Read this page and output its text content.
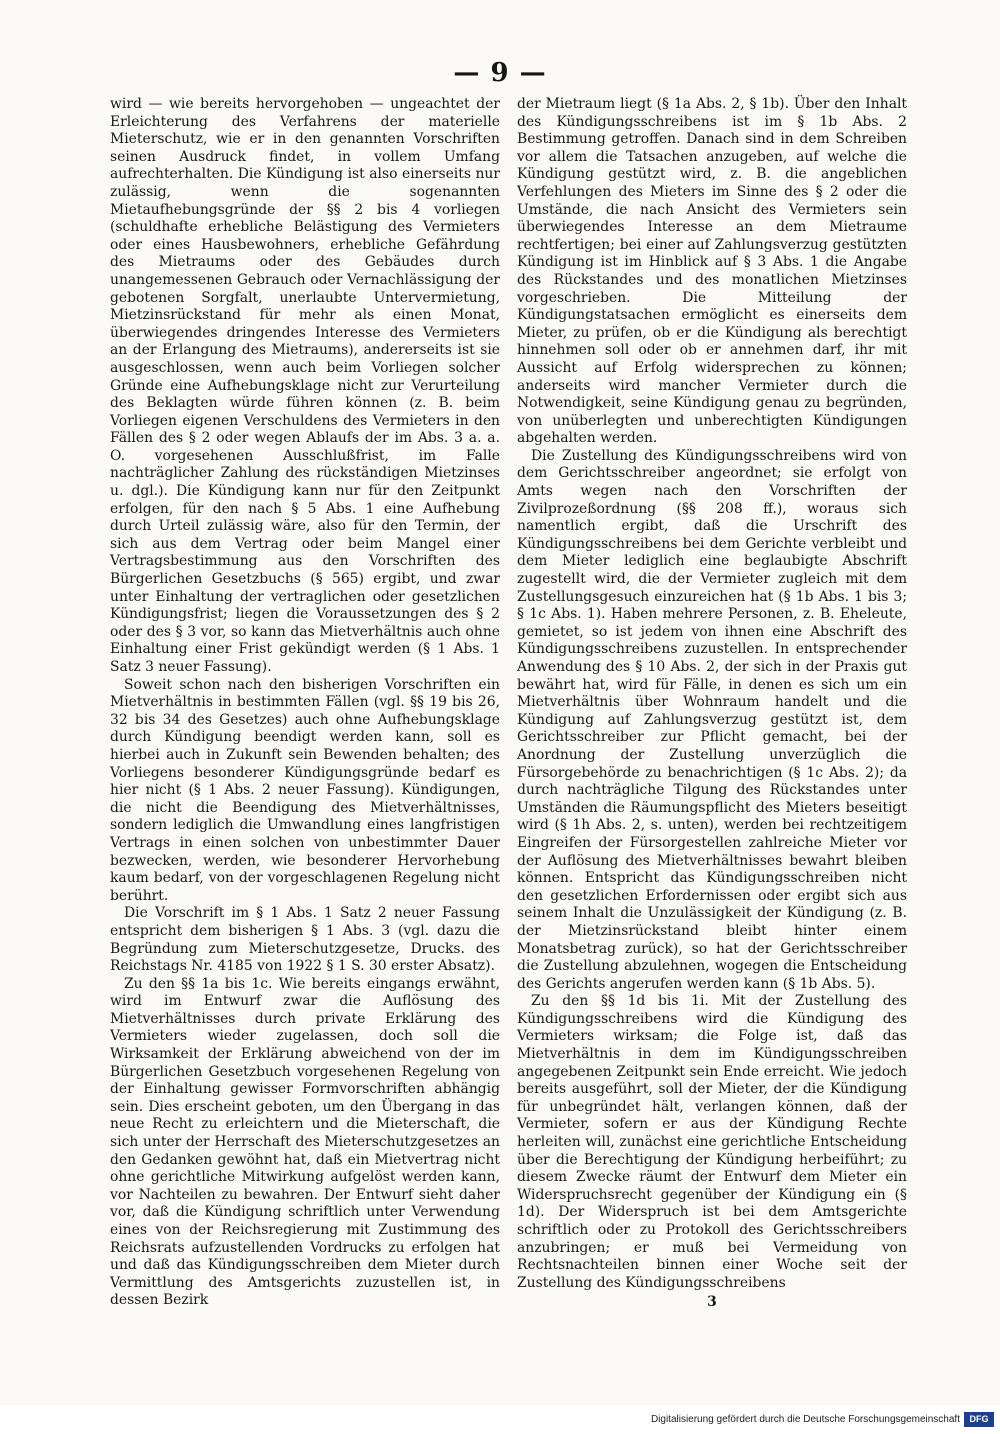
— 9 —

wird — wie bereits hervorgehoben — ungeachtet der Erleichterung des Verfahrens der materielle Mieterschutz, wie er in den genannten Vorschriften seinen Ausdruck findet, in vollem Umfang aufrechterhalten. Die Kündigung ist also einerseits nur zulässig, wenn die sogenannten Mietaufhebungsgründe der §§ 2 bis 4 vorliegen (schuldhafte erhebliche Belästigung des Vermieters oder eines Hausbewohners, erhebliche Gefährdung des Mietraums oder des Gebäudes durch unangemessenen Gebrauch oder Vernachlässigung der gebotenen Sorgfalt, unerlaubte Untervermietung, Mietzinsrückstand für mehr als einen Monat, überwiegendes dringendes Interesse des Vermieters an der Erlangung des Mietraums), andererseits ist sie ausgeschlossen, wenn auch beim Vorliegen solcher Gründe eine Aufhebungsklage nicht zur Verurteilung des Beklagten würde führen können (z. B. beim Vorliegen eigenen Verschuldens des Vermieters in den Fällen des § 2 oder wegen Ablaufs der im Abs. 3 a. a. O. vorgesehenen Ausschlußfrist, im Falle nachträglicher Zahlung des rückständigen Mietzinses u. dgl.). Die Kündigung kann nur für den Zeitpunkt erfolgen, für den nach § 5 Abs. 1 eine Aufhebung durch Urteil zulässig wäre, also für den Termin, der sich aus dem Vertrag oder beim Mangel einer Vertragsbestimmung aus den Vorschriften des Bürgerlichen Gesetzbuchs (§ 565) ergibt, und zwar unter Einhaltung der vertraglichen oder gesetzlichen Kündigungsfrist; liegen die Voraussetzungen des § 2 oder des § 3 vor, so kann das Mietverhältnis auch ohne Einhaltung einer Frist gekündigt werden (§ 1 Abs. 1 Satz 3 neuer Fassung).

Soweit schon nach den bisherigen Vorschriften ein Mietverhältnis in bestimmten Fällen (vgl. §§ 19 bis 26, 32 bis 34 des Gesetzes) auch ohne Aufhebungsklage durch Kündigung beendigt werden kann, soll es hierbei auch in Zukunft sein Bewenden behalten; des Vorliegens besonderer Kündigungsgründe bedarf es hier nicht (§ 1 Abs. 2 neuer Fassung). Kündigungen, die nicht die Beendigung des Mietverhältnisses, sondern lediglich die Umwandlung eines langfristigen Vertrags in einen solchen von unbestimmter Dauer bezwecken, werden, wie besonderer Hervorhebung kaum bedarf, von der vorgeschlagenen Regelung nicht berührt.

Die Vorschrift im § 1 Abs. 1 Satz 2 neuer Fassung entspricht dem bisherigen § 1 Abs. 3 (vgl. dazu die Begründung zum Mieterschutzgesetze, Drucks. des Reichstags Nr. 4185 von 1922 § 1 S. 30 erster Absatz).

Zu den §§ 1a bis 1c. Wie bereits eingangs erwähnt, wird im Entwurf zwar die Auflösung des Mietverhältnisses durch private Erklärung des Vermieters wieder zugelassen, doch soll die Wirksamkeit der Erklärung abweichend von der im Bürgerlichen Gesetzbuch vorgesehenen Regelung von der Einhaltung gewisser Formvorschriften abhängig sein. Dies erscheint geboten, um den Übergang in das neue Recht zu erleichtern und die Mieterschaft, die sich unter der Herrschaft des Mieterschutzgesetzes an den Gedanken gewöhnt hat, daß ein Mietvertrag nicht ohne gerichtliche Mitwirkung aufgelöst werden kann, vor Nachteilen zu bewahren. Der Entwurf sieht daher vor, daß die Kündigung schriftlich unter Verwendung eines von der Reichsregierung mit Zustimmung des Reichsrats aufzustellenden Vordrucks zu erfolgen hat und daß das Kündigungsschreiben dem Mieter durch Vermittlung des Amtsgerichts zuzustellen ist, in dessen Bezirk

der Mietraum liegt (§ 1a Abs. 2, § 1b). Über den Inhalt des Kündigungsschreibens ist im § 1b Abs. 2 Bestimmung getroffen. Danach sind in dem Schreiben vor allem die Tatsachen anzugeben, auf welche die Kündigung gestützt wird, z. B. die angeblichen Verfehlungen des Mieters im Sinne des § 2 oder die Umstände, die nach Ansicht des Vermieters sein überwiegendes Interesse an dem Mietraume rechtfertigen; bei einer auf Zahlungsverzug gestützten Kündigung ist im Hinblick auf § 3 Abs. 1 die Angabe des Rückstandes und des monatlichen Mietzinses vorgeschrieben. Die Mitteilung der Kündigungstatsachen ermöglicht es einerseits dem Mieter, zu prüfen, ob er die Kündigung als berechtigt hinnehmen soll oder ob er annehmen darf, ihr mit Aussicht auf Erfolg widersprechen zu können; anderseits wird mancher Vermieter durch die Notwendigkeit, seine Kündigung genau zu begründen, von unüberlegten und unberechtigten Kündigungen abgehalten werden.

Die Zustellung des Kündigungsschreibens wird von dem Gerichtsschreiber angeordnet; sie erfolgt von Amts wegen nach den Vorschriften der Zivilprozeßordnung (§§ 208 ff.), woraus sich namentlich ergibt, daß die Urschrift des Kündigungsschreibens bei dem Gerichte verbleibt und dem Mieter lediglich eine beglaubigte Abschrift zugestellt wird, die der Vermieter zugleich mit dem Zustellungsgesuch einzureichen hat (§ 1b Abs. 1 bis 3; § 1c Abs. 1). Haben mehrere Personen, z. B. Eheleute, gemietet, so ist jedem von ihnen eine Abschrift des Kündigungsschreibens zuzustellen. In entsprechender Anwendung des § 10 Abs. 2, der sich in der Praxis gut bewährt hat, wird für Fälle, in denen es sich um ein Mietverhältnis über Wohnraum handelt und die Kündigung auf Zahlungsverzug gestützt ist, dem Gerichtsschreiber zur Pflicht gemacht, bei der Anordnung der Zustellung unverzüglich die Fürsorgebehörde zu benachrichtigen (§ 1c Abs. 2); da durch nachträgliche Tilgung des Rückstandes unter Umständen die Räumungspflicht des Mieters beseitigt wird (§ 1h Abs. 2, s. unten), werden bei rechtzeitigem Eingreifen der Fürsorgestellen zahlreiche Mieter vor der Auflösung des Mietverhältnisses bewahrt bleiben können. Entspricht das Kündigungsschreiben nicht den gesetzlichen Erfordernissen oder ergibt sich aus seinem Inhalt die Unzulässigkeit der Kündigung (z. B. der Mietzinsrückstand bleibt hinter einem Monatsbetrag zurück), so hat der Gerichtsschreiber die Zustellung abzulehnen, wogegen die Entscheidung des Gerichts angerufen werden kann (§ 1b Abs. 5).

Zu den §§ 1d bis 1i. Mit der Zustellung des Kündigungsschreibens wird die Kündigung des Vermieters wirksam; die Folge ist, daß das Mietverhältnis in dem im Kündigungsschreiben angegebenen Zeitpunkt sein Ende erreicht. Wie jedoch bereits ausgeführt, soll der Mieter, der die Kündigung für unbegründet hält, verlangen können, daß der Vermieter, sofern er aus der Kündigung Rechte herleiten will, zunächst eine gerichtliche Entscheidung über die Berechtigung der Kündigung herbeiführt; zu diesem Zwecke räumt der Entwurf dem Mieter ein Widerspruchsrecht gegenüber der Kündigung ein (§ 1d). Der Widerspruch ist bei dem Amtsgerichte schriftlich oder zu Protokoll des Gerichtsschreibers anzubringen; er muß bei Vermeidung von Rechtsnachteilen binnen einer Woche seit der Zustellung des Kündigungsschreibens

3
Digitalisierung gefördert durch die Deutsche Forschungsgemeinschaft	DFG
